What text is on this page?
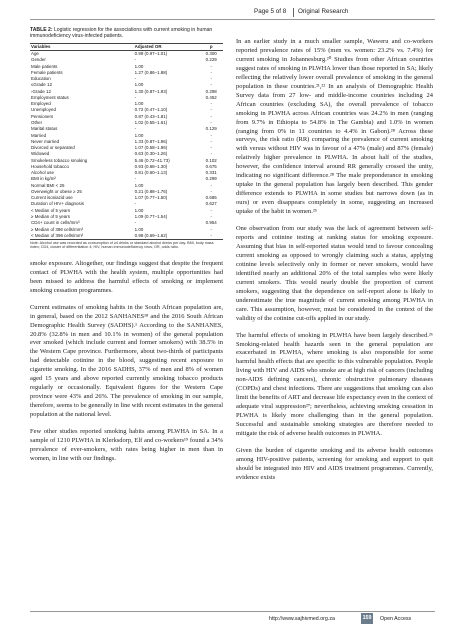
Page 5 of 8 Original Research

TABLE 2: Logistic regression for the associations with current smoking in human immunodeficiency virus-infected patients.

Variables	Adjusted OR	p
Age	0.99 (0.97–1.01)	0.300
Gender	-	0.229
Male patients	1.00	-
Female patients	1.27 (0.86–1.88)	-
Education	-	-
≤Grade 12	1.00	-
›Grade 12	1.30 (0.87–1.93)	0.298
Employment status	-	0.452
Employed	1.00	-
Unemployed	0.72 (0.47–1.10)	-
Pensioners	0.87 (0.43–1.81)	-
Other	1.02 (0.55–1.61)	-
Marital status	-	0.129
Married	1.00	-
Never married	1.33 (0.87–1.96)	-
Divorced or separated	1.07 (0.58–1.96)	-
Widowed	0.63 (0.30–1.26)	-
Smokeless tobacco smoking	5.46 (0.72–41.73)	0.102
Household tobacco	0.93 (0.68–1.30)	0.675
Alcohol use	0.81 (0.60–1.13)	0.331
BMI in kg/m²	-	0.299
Normal BMI < 25	1.00	-
Overweight or obese ≥ 25	0.21 (0.88–1.76)	-
Current isoniazid use	1.07 (0.77–1.50)	0.685
Duration of HIV+ diagnosis	-	0.627
< Median of 5 years	1.00	-
≥ Median of 5 years	1.09 (0.77–1.54)	-
CD4+ count in cells/mm³	-	0.954
≥ Median of 396 cells/mm³	1.00	-
< Median of 396 cells/mm³	0.98 (0.69–1.62)	-
Note: Alcohol use was recorded as consumption of ≥4 drinks or standard alcohol drinks per day. BMI, body mass index; CD4, cluster of differentiation 4; HIV, human immunodeficiency virus; OR, odds ratio.

smoke exposure. Altogether, our findings suggest that despite the frequent contact of PLWHA with the health system, multiple opportunities had been missed to address the harmful effects of smoking or implement smoking cessation programmes.

Current estimates of smoking habits in the South African population are, in general, based on the 2012 SANHANES¹⁸ and the 2016 South African Demographic Health Survey (SADHS).¹ According to the SANHANES, 20.8% (32.8% in men and 10.1% in women) of the general population ever smoked (which include current and former smokers) with 38.5% in the Western Cape province. Furthermore, about two-thirds of participants had detectable cotinine in the blood, suggesting recent exposure to cigarette smoking. In the 2016 SADHS, 37% of men and 8% of women aged 15 years and above reported currently smoking tobacco products regularly or occasionally. Equivalent figures for the Western Cape province were 43% and 26%. The prevalence of smoking in our sample, therefore, seems to be generally in line with recent estimates in the general population at the national level.

Few other studies reported smoking habits among PLWHA in SA. In a sample of 1210 PLWHA in Klerksdorp, Elf and co-workers¹⁹ found a 34% prevalence of ever-smokers, with rates being higher in men than in women, in line with our findings.

In an earlier study in a much smaller sample, Waweru and co-workers reported prevalence rates of 15% (men vs. women: 23.2% vs. 7.4%) for current smoking in Johannesburg.²⁰ Studies from other African countries suggest rates of smoking in PLWHA lower than those reported in SA; likely reflecting the relatively lower overall prevalence of smoking in the general population in these countries.²¹,²² In an analysis of Demographic Health Survey data from 27 low- and middle-income countries including 24 African countries (excluding SA), the overall prevalence of tobacco smoking in PLWHA across African countries was 24.2% in men (ranging from 9.7% in Ethiopia to 54.8% in The Gambia) and 1.0% in women (ranging from 0% in 11 countries to 4.4% in Gabon).²⁸ Across these surveys, the risk ratio (RR) comparing the prevalence of current smoking with versus without HIV was in favour of a 47% (male) and 87% (female) relatively higher prevalence in PLWHA. In about half of the studies, however, the confidence interval around RR generally crossed the unity, indicating no significant difference.²⁸ The male preponderance in smoking uptake in the general population has largely been described. This gender difference extends to PLWHA in some studies but narrows down (as in ours) or even disappears completely in some, suggesting an increased uptake of the habit in women.²⁵

One observation from our study was the lack of agreement between self-reports and cotinine testing at ranking status for smoking exposure. Assuming that bias in self-reported status would tend to favour concealing current smoking as opposed to wrongly claiming such a status, applying cotinine levels selectively only in former or never smokers, would have identified nearly an additional 20% of the total samples who were likely current smokers. This would nearly double the proportion of current smokers, suggesting that the dependence on self-report alone is likely to underestimate the true magnitude of current smoking among PLWHA in care. This assumption, however, must be considered in the context of the validity of the cotinine cut-offs applied in our study.

The harmful effects of smoking in PLWHA have been largely described.²⁶ Smoking-related health hazards seen in the general population are exacerbated in PLWHA, where smoking is also responsible for some harmful health effects that are specific to this vulnerable population. People living with HIV and AIDS who smoke are at high risk of cancers (including non-AIDS defining cancers), chronic obstructive pulmonary diseases (COPDs) and chest infections. There are suggestions that smoking can also limit the benefits of ART and decrease life expectancy even in the context of adequate viral suppression²⁷; nevertheless, achieving smoking cessation in PLWHA is likely more challenging than in the general population. Successful and sustainable smoking strategies are therefore needed to mitigate the risk of adverse health outcomes in PLWHA.

Given the burden of cigarette smoking and its adverse health outcomes among HIV-positive patients, screening for smoking and support to quit should be integrated into HIV and AIDS treatment programmes. Currently, evidence exists

http://www.sajhivmed.org.za	159 Open Access
